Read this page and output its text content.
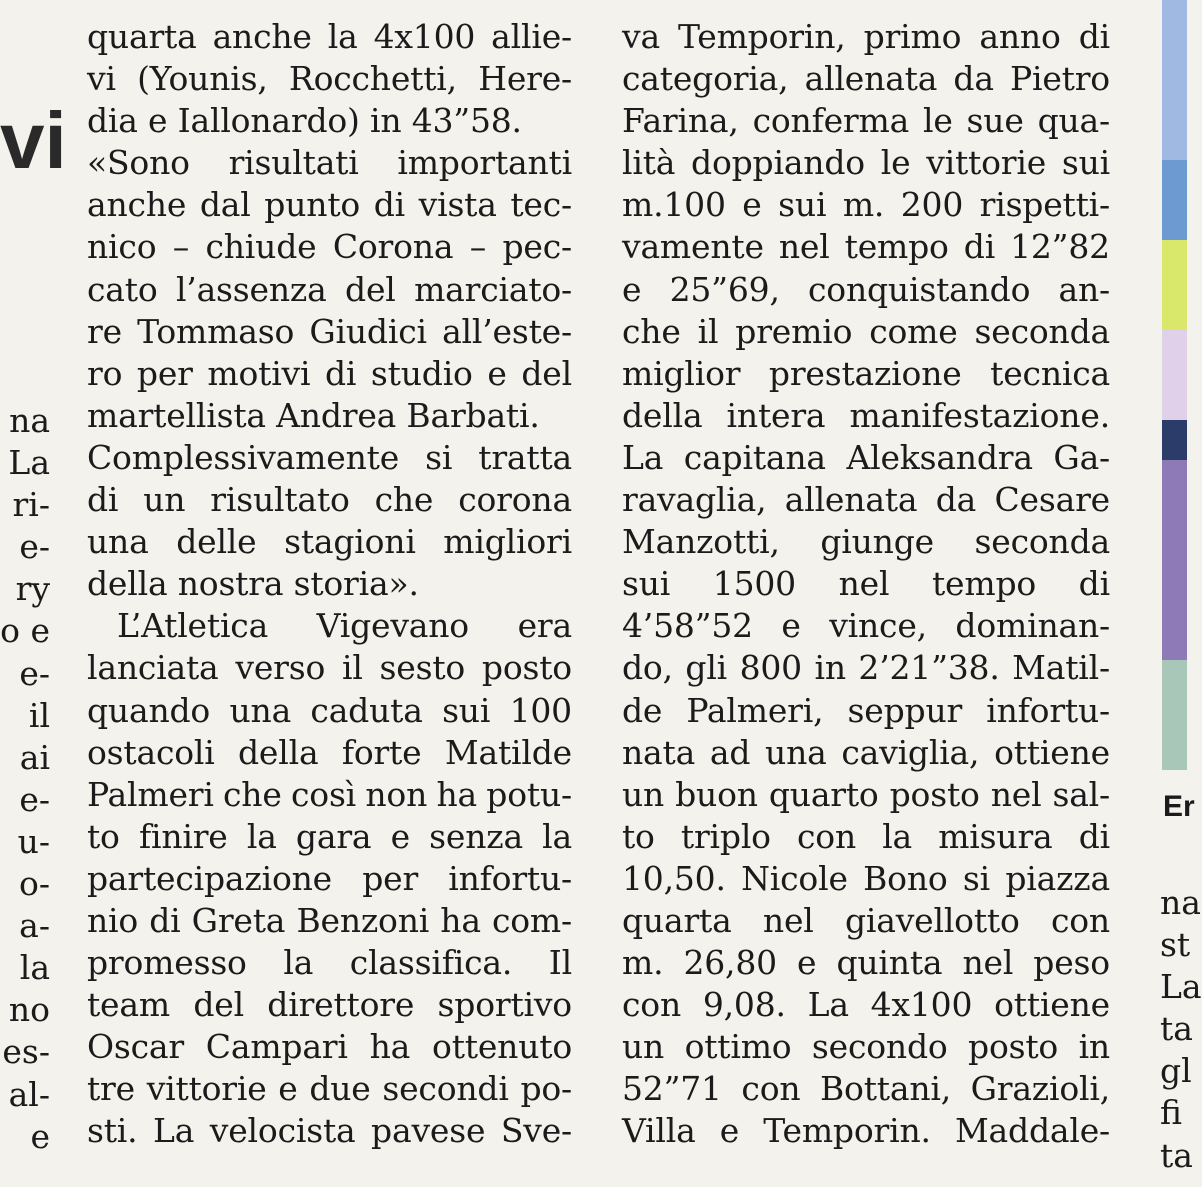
vi
na
La
ri-
e-
ry
o e
e-
il
ai
e-
u-
o-
a-
la
no
es-
al-
e
quarta anche la 4x100 allie-
vi (Younis, Rocchetti, Here-
dia e Iallonardo) in 43”58.
«Sono risultati importanti
anche dal punto di vista tec-
nico – chiude Corona – pec-
cato l’assenza del marciato-
re Tommaso Giudici all’este-
ro per motivi di studio e del
martellista Andrea Barbati.
Complessivamente si tratta
di un risultato che corona
una delle stagioni migliori
della nostra storia».
L’Atletica Vigevano era
lanciata verso il sesto posto
quando una caduta sui 100
ostacoli della forte Matilde
Palmeri che così non ha potu-
to finire la gara e senza la
partecipazione per infortu-
nio di Greta Benzoni ha com-
promesso la classifica. Il
team del direttore sportivo
Oscar Campari ha ottenuto
tre vittorie e due secondi po-
sti. La velocista pavese Sve-
va Temporin, primo anno di
categoria, allenata da Pietro
Farina, conferma le sue qua-
lità doppiando le vittorie sui
m.100 e sui m. 200 rispetti-
vamente nel tempo di 12”82
e 25”69, conquistando an-
che il premio come seconda
miglior prestazione tecnica
della intera manifestazione.
La capitana Aleksandra Ga-
ravaglia, allenata da Cesare
Manzotti, giunge seconda
sui 1500 nel tempo di
4’58”52 e vince, dominan-
do, gli 800 in 2’21”38. Matil-
de Palmeri, seppur infortu-
nata ad una caviglia, ottiene
un buon quarto posto nel sal-
to triplo con la misura di
10,50. Nicole Bono si piazza
quarta nel giavellotto con
m. 26,80 e quinta nel peso
con 9,08. La 4x100 ottiene
un ottimo secondo posto in
52”71 con Bottani, Grazioli,
Villa e Temporin. Maddale-
Er
na
st
La
ta
gl
fi
ta
